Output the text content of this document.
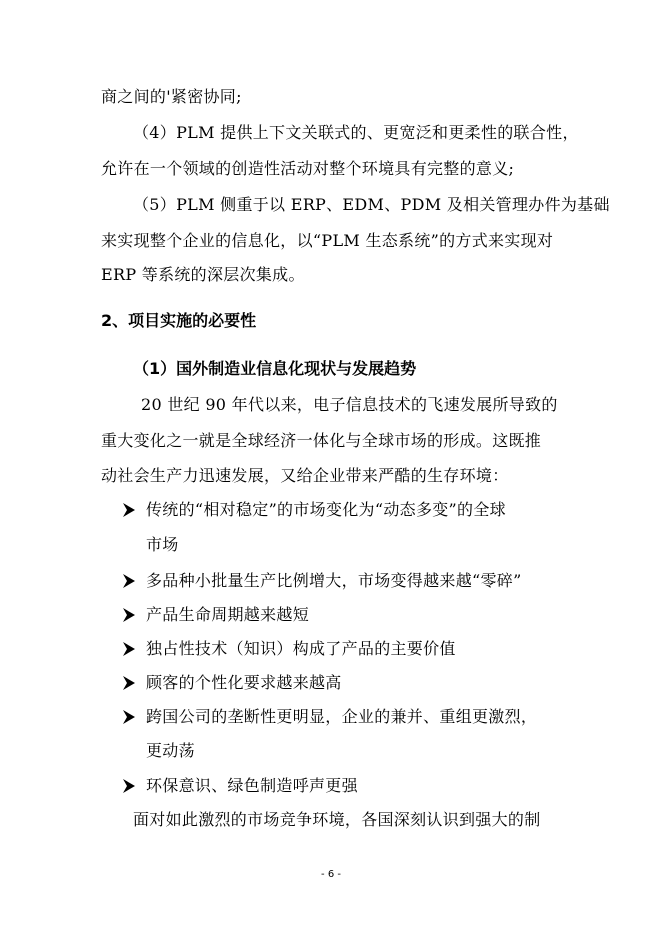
商之间的'紧密协同;
（4）PLM 提供上下文关联式的、更宽泛和更柔性的联合性，
允许在一个领域的创造性活动对整个环境具有完整的意义;
（5）PLM 侧重于以 ERP、EDM、PDM 及相关管理办件为基础
来实现整个企业的信息化，以“PLM 生态系统”的方式来实现对
ERP 等系统的深层次集成。
2、项目实施的必要性
（1）国外制造业信息化现状与发展趋势
20 世纪 90 年代以来，电子信息技术的飞速发展所导致的
重大变化之一就是全球经济一体化与全球市场的形成。这既推
动社会生产力迅速发展，又给企业带来严酷的生存环境：
传统的“相对稳定”的市场变化为“动态多变”的全球
市场
多品种小批量生产比例增大，市场变得越来越“零碎”
产品生命周期越来越短
独占性技术（知识）构成了产品的主要价值
顾客的个性化要求越来越高
跨国公司的垄断性更明显，企业的兼并、重组更激烈，
更动荡
环保意识、绿色制造呼声更强
面对如此激烈的市场竞争环境，各国深刻认识到强大的制
- 6 -
